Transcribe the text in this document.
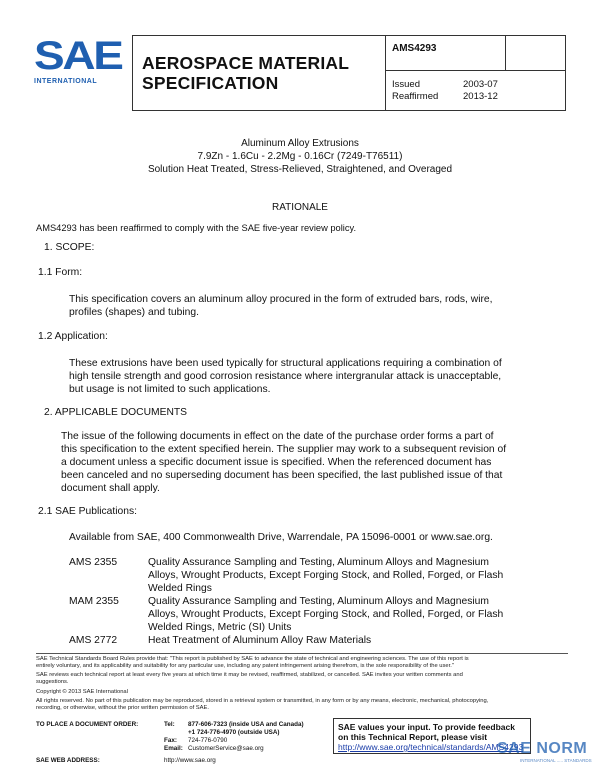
SAE
INTERNATIONAL
AEROSPACE MATERIAL
SPECIFICATION
AMS4293
Issued	2003-07
Reaffirmed	2013-12
Aluminum Alloy Extrusions
7.9Zn - 1.6Cu - 2.2Mg - 0.16Cr (7249-T76511)
Solution Heat Treated, Stress-Relieved, Straightened, and Overaged
RATIONALE
AMS4293 has been reaffirmed to comply with the SAE five-year review policy.
1. SCOPE:
1.1 Form:
This specification covers an aluminum alloy procured in the form of extruded bars, rods, wire,
profiles (shapes) and tubing.
1.2 Application:
These extrusions have been used typically for structural applications requiring a combination of
high tensile strength and good corrosion resistance where intergranular attack is unacceptable,
but usage is not limited to such applications.
2. APPLICABLE DOCUMENTS
The issue of the following documents in effect on the date of the purchase order forms a part of
this specification to the extent specified herein. The supplier may work to a subsequent revision of
a document unless a specific document issue is specified. When the referenced document has
been canceled and no superseding document has been specified, the last published issue of that
document shall apply.
2.1 SAE Publications:
Available from SAE, 400 Commonwealth Drive, Warrendale, PA 15096-0001 or www.sae.org.
AMS 2355	Quality Assurance Sampling and Testing, Aluminum Alloys and Magnesium
Alloys, Wrought Products, Except Forging Stock, and Rolled, Forged, or Flash
Welded Rings
MAM 2355	Quality Assurance Sampling and Testing, Aluminum Alloys and Magnesium
Alloys, Wrought Products, Except Forging Stock, and Rolled, Forged, or Flash
Welded Rings, Metric (SI) Units
AMS 2772	Heat Treatment of Aluminum Alloy Raw Materials
SAE Technical Standards Board Rules provide that: "This report is published by SAE to advance the state of technical and engineering sciences. The use of this report is
entirely voluntary, and its applicability and suitability for any particular use, including any patent infringement arising therefrom, is the sole responsibility of the user."
SAE reviews each technical report at least every five years at which time it may be revised, reaffirmed, stabilized, or cancelled. SAE invites your written comments and
suggestions.
Copyright © 2013 SAE International
All rights reserved. No part of this publication may be reproduced, stored in a retrieval system or transmitted, in any form or by any means, electronic, mechanical, photocopying,
recording, or otherwise, without the prior written permission of SAE.
TO PLACE A DOCUMENT ORDER:	Tel: 877-606-7323 (inside USA and Canada)
+1 724-776-4970 (outside USA)
Fax: 724-776-0790
Email: CustomerService@sae.org
SAE WEB ADDRESS:	http://www.sae.org
SAE values your input. To provide feedback
on this Technical Report, please visit
http://www.sae.org/technical/standards/AMS4293
SAE NORM
INTERNATIONAL ..... STANDARDS
